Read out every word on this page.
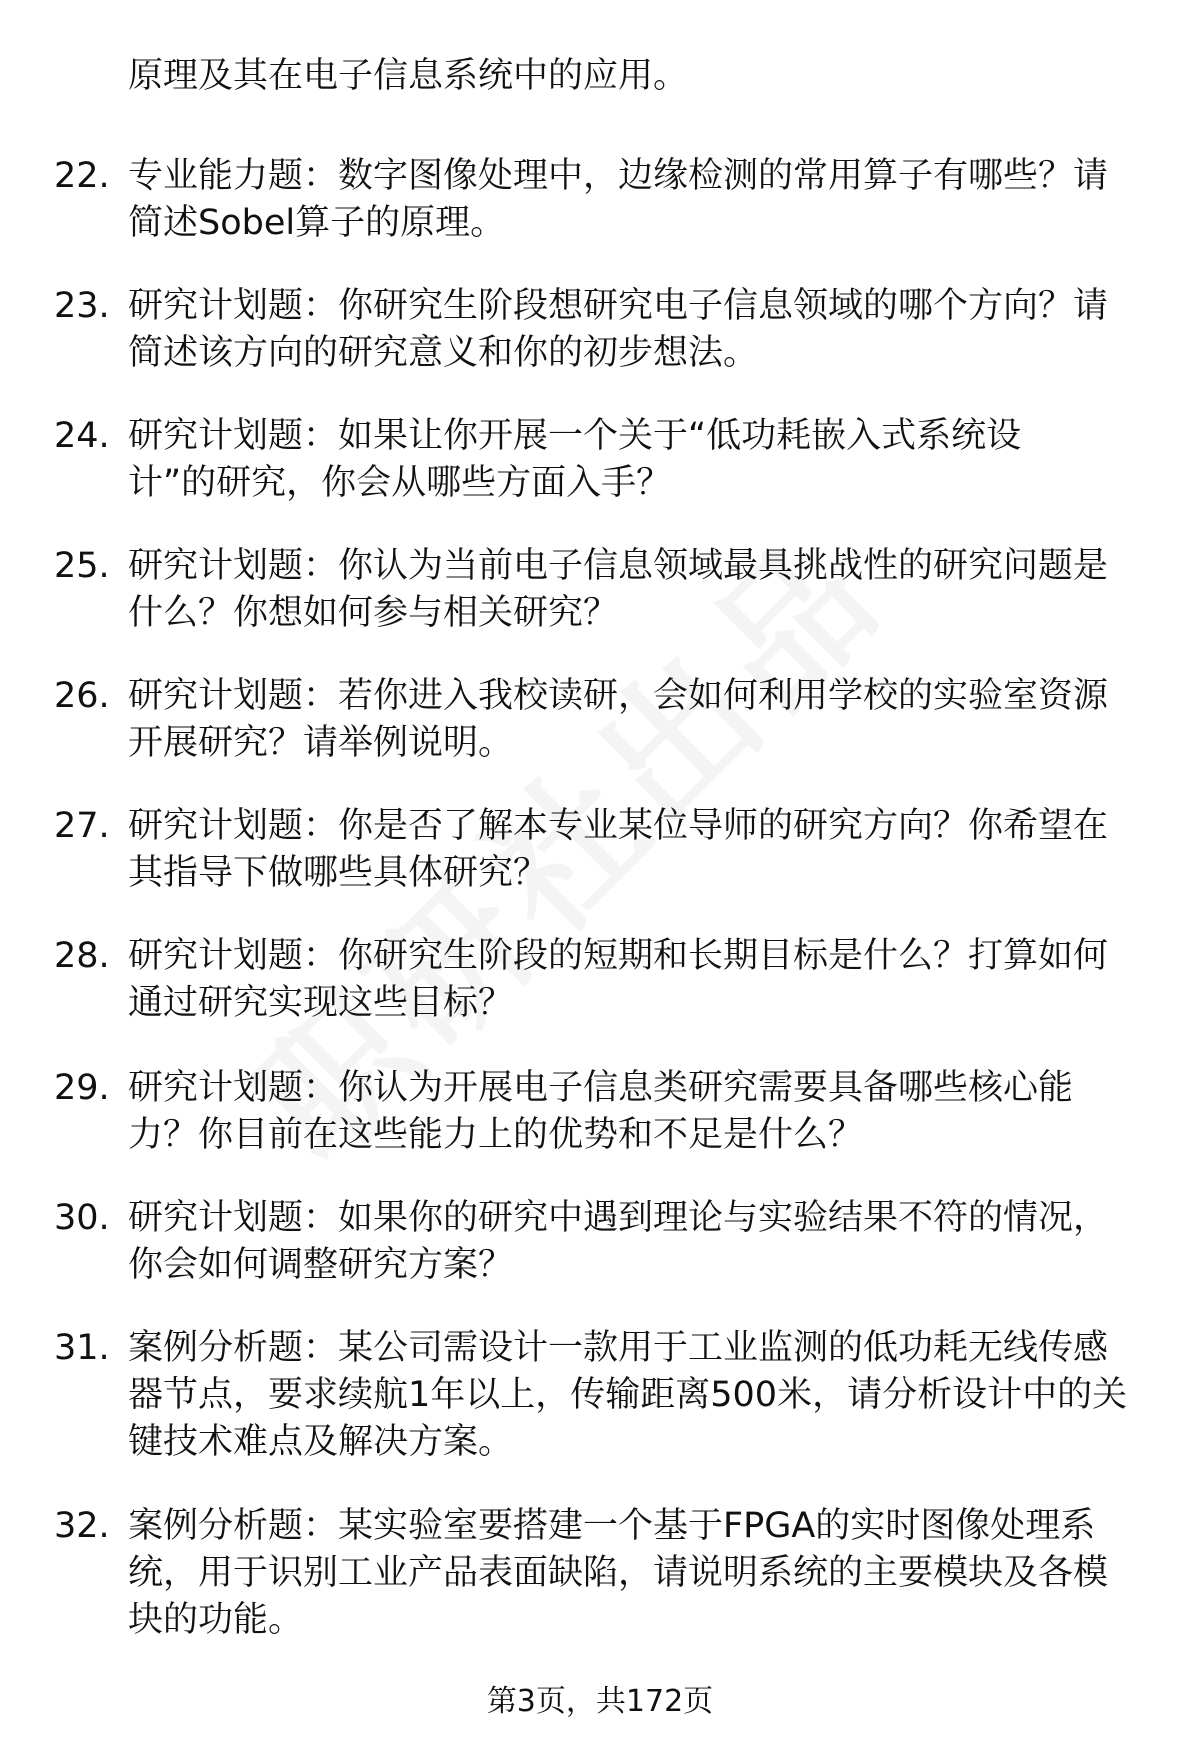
原理及其在电子信息系统中的应用。
22. 专业能力题：数字图像处理中，边缘检测的常用算子有哪些？请
简述Sobel算子的原理。
23. 研究计划题：你研究生阶段想研究电子信息领域的哪个方向？请
简述该方向的研究意义和你的初步想法。
24. 研究计划题：如果让你开展一个关于“低功耗嵌入式系统设
计”的研究，你会从哪些方面入手？
25. 研究计划题：你认为当前电子信息领域最具挑战性的研究问题是
什么？你想如何参与相关研究？
26. 研究计划题：若你进入我校读研，会如何利用学校的实验室资源
开展研究？请举例说明。
27. 研究计划题：你是否了解本专业某位导师的研究方向？你希望在
其指导下做哪些具体研究？
28. 研究计划题：你研究生阶段的短期和长期目标是什么？打算如何
通过研究实现这些目标？
29. 研究计划题：你认为开展电子信息类研究需要具备哪些核心能
力？你目前在这些能力上的优势和不足是什么？
30. 研究计划题：如果你的研究中遇到理论与实验结果不符的情况，
你会如何调整研究方案？
31. 案例分析题：某公司需设计一款用于工业监测的低功耗无线传感
器节点，要求续航1年以上，传输距离500米，请分析设计中的关
键技术难点及解决方案。
32. 案例分析题：某实验室要搭建一个基于FPGA的实时图像处理系
统，用于识别工业产品表面缺陷，请说明系统的主要模块及各模
块的功能。
第3页，共172页
